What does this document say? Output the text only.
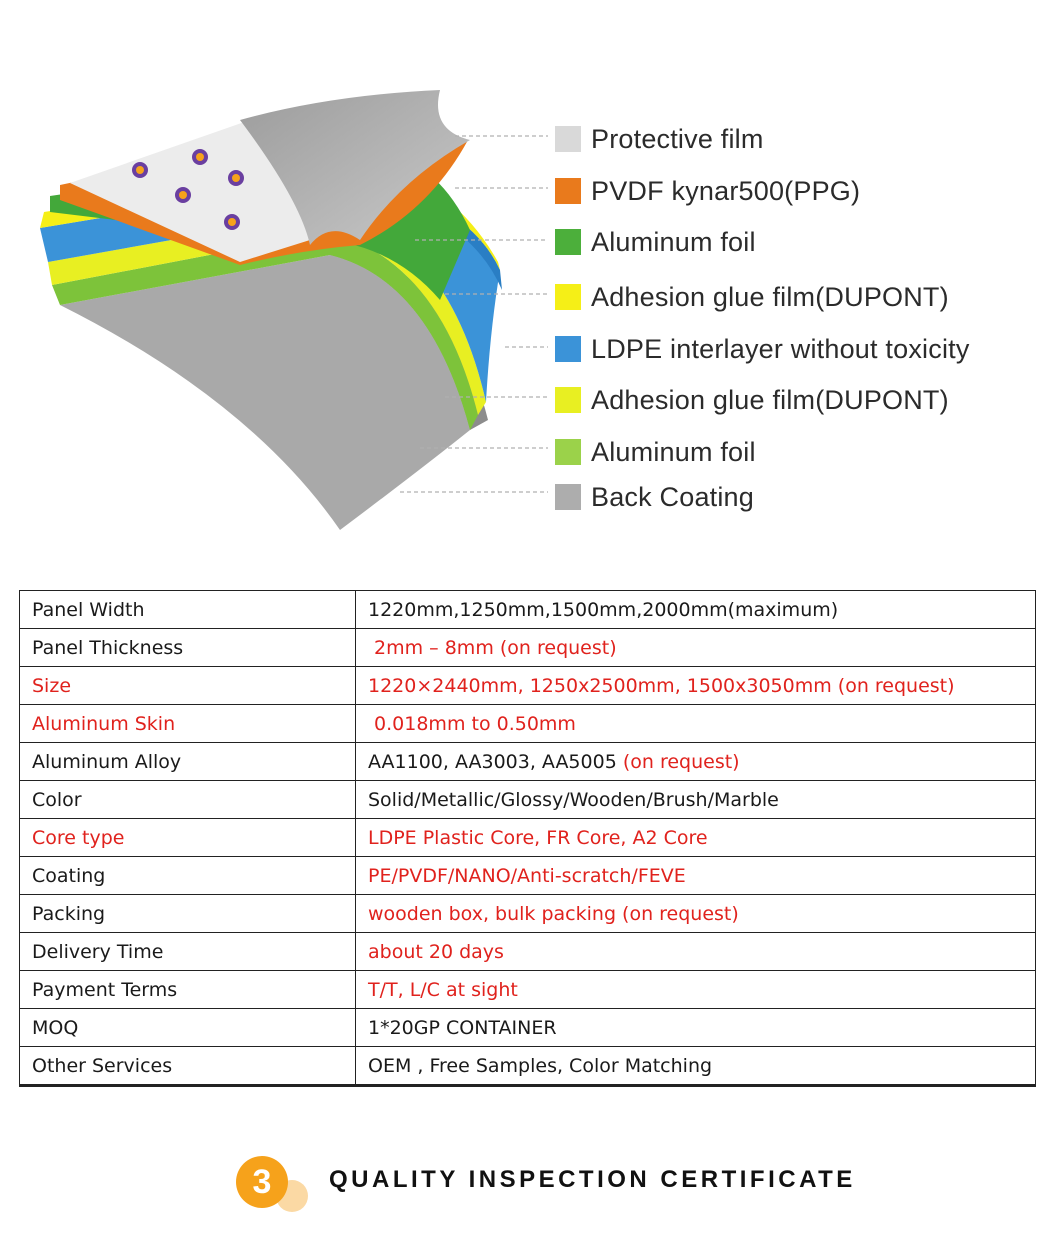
Protective film
PVDF kynar500(PPG)
Aluminum foil
Adhesion glue film(DUPONT)
LDPE interlayer without toxicity
Adhesion glue film(DUPONT)
Aluminum foil
Back Coating
Panel Width	1220mm,1250mm,1500mm,2000mm(maximum)
Panel Thickness	2mm – 8mm (on request)
Size	1220×2440mm, 1250x2500mm, 1500x3050mm (on request)
Aluminum Skin	0.018mm to 0.50mm
Aluminum Alloy	AA1100, AA3003, AA5005 (on request)
Color	Solid/Metallic/Glossy/Wooden/Brush/Marble
Core type	LDPE Plastic Core, FR Core, A2 Core
Coating	PE/PVDF/NANO/Anti-scratch/FEVE
Packing	wooden box, bulk packing (on request)
Delivery Time	about 20 days
Payment Terms	T/T, L/C at sight
MOQ	1*20GP CONTAINER
Other Services	OEM , Free Samples, Color Matching
3	QUALITY INSPECTION CERTIFICATE
